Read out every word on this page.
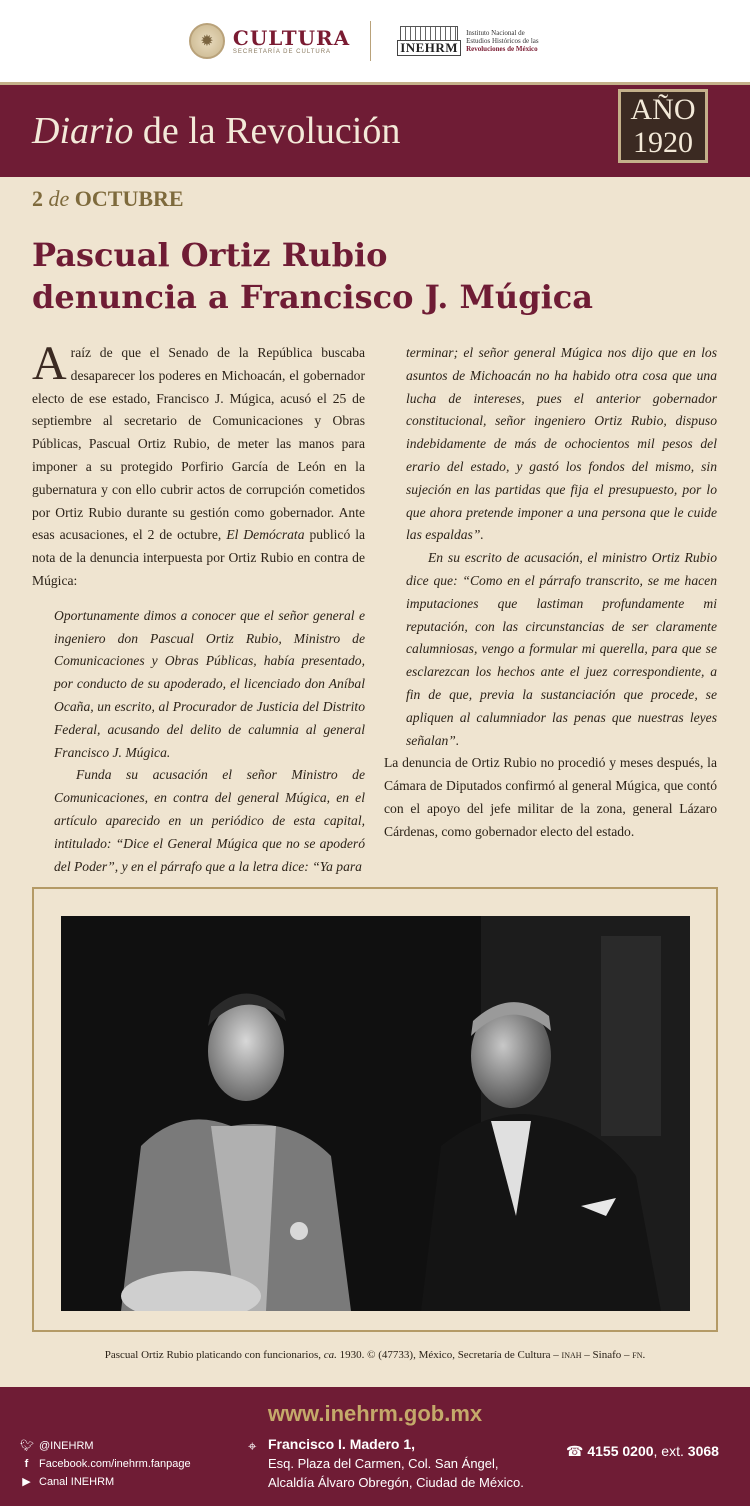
✹ CULTURA
SECRETARÍA DE CULTURA	INEHRM
Instituto Nacional de
Estudios Históricos de las
Revoluciones de México
Diario de la Revolución
AÑO
1920
2 de OCTUBRE
Pascual Ortiz Rubio
denuncia a Francisco J. Múgica

Araíz de que el Senado de la República buscaba desaparecer los poderes en Michoacán, el gobernador electo de ese estado, Francisco J. Múgica, acusó el 25 de septiembre al secretario de Comunicaciones y Obras Públicas, Pascual Ortiz Rubio, de meter las manos para imponer a su protegido Porfirio García de León en la gubernatura y con ello cubrir actos de corrupción cometidos por Ortiz Rubio durante su gestión como gobernador. Ante esas acusaciones, el 2 de octubre, El Demócrata publicó la nota de la denuncia interpuesta por Ortiz Rubio en contra de Múgica:

Oportunamente dimos a conocer que el señor general e ingeniero don Pascual Ortiz Rubio, Ministro de Comunicaciones y Obras Públicas, había presentado, por conducto de su apoderado, el licenciado don Aníbal Ocaña, un escrito, al Procurador de Justicia del Distrito Federal, acusando del delito de calumnia al general Francisco J. Múgica.

Funda su acusación el señor Ministro de Comunicaciones, en contra del general Múgica, en el artículo aparecido en un periódico de esta capital, intitulado: “Dice el General Múgica que no se apoderó del Poder”, y en el párrafo que a la letra dice: “Ya para

terminar; el señor general Múgica nos dijo que en los asuntos de Michoacán no ha habido otra cosa que una lucha de intereses, pues el anterior gobernador constitucional, señor ingeniero Ortiz Rubio, dispuso indebidamente de más de ochocientos mil pesos del erario del estado, y gastó los fondos del mismo, sin sujeción en las partidas que fija el presupuesto, por lo que ahora pretende imponer a una persona que le cuide las espaldas”.

En su escrito de acusación, el ministro Ortiz Rubio dice que: “Como en el párrafo transcrito, se me hacen imputaciones que lastiman profundamente mi reputación, con las circunstancias de ser claramente calumniosas, vengo a formular mi querella, para que se esclarezcan los hechos ante el juez correspondiente, a fin de que, previa la sustanciación que procede, se apliquen al calumniador las penas que nuestras leyes señalan”.

La denuncia de Ortiz Rubio no procedió y meses después, la Cámara de Diputados confirmó al general Múgica, que contó con el apoyo del jefe militar de la zona, general Lázaro Cárdenas, como gobernador electo del estado.

Pascual Ortiz Rubio platicando con funcionarios, ca. 1930. © (47733), México, Secretaría de Cultura – inah – Sinafo – fn.
www.inehrm.gob.mx
🐦︎ @INEHRM
f Facebook.com/inehrm.fanpage
▶ Canal INEHRM
⌖ Francisco I. Madero 1,
Esq. Plaza del Carmen, Col. San Ángel,
Alcaldía Álvaro Obregón, Ciudad de México.
☎ 4155 0200, ext. 3068
